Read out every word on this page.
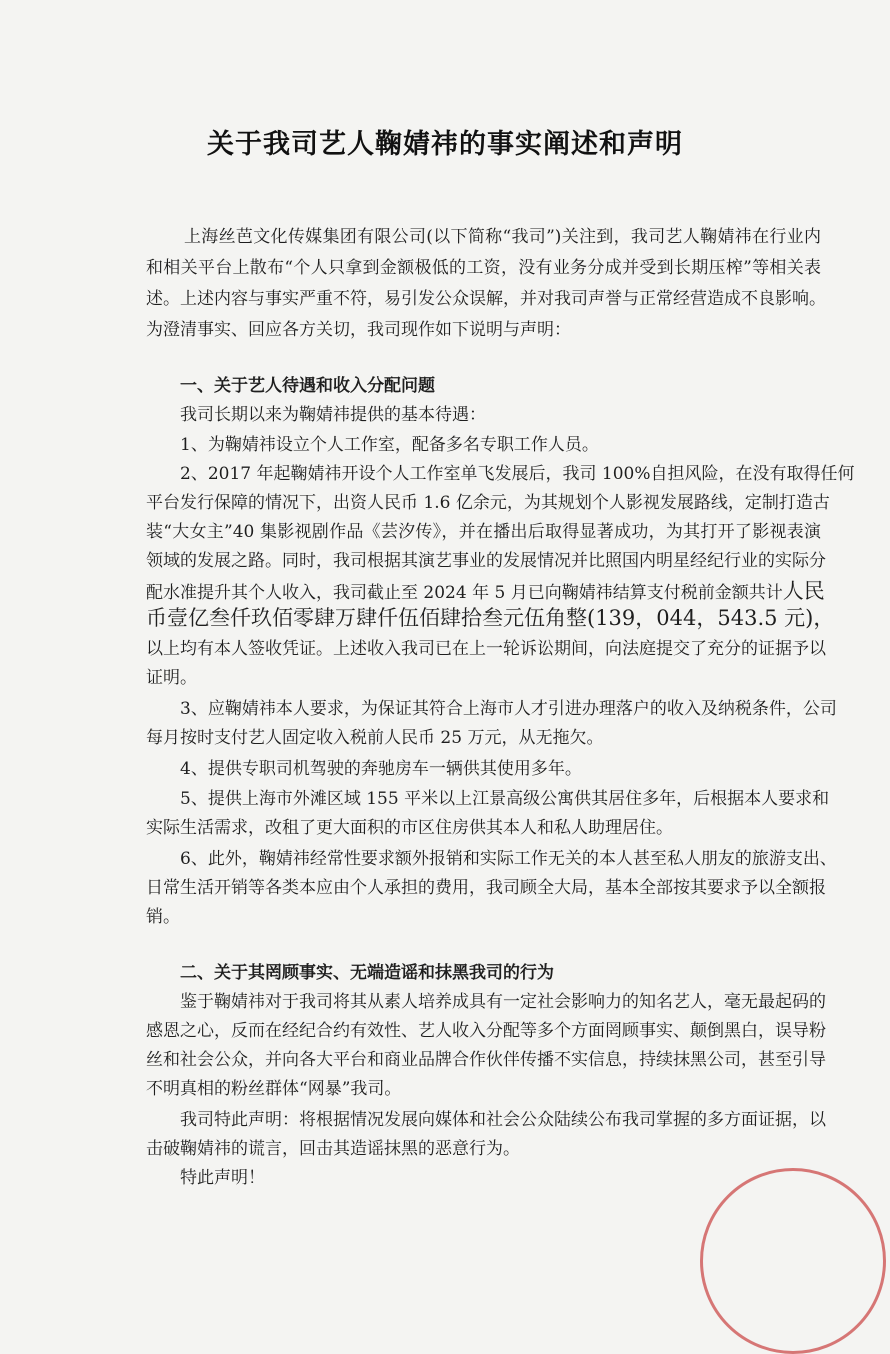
关于我司艺人鞠婧祎的事实阐述和声明
上海丝芭文化传媒集团有限公司(以下简称“我司”)关注到，我司艺人鞠婧祎在行业内
和相关平台上散布“个人只拿到金额极低的工资，没有业务分成并受到长期压榨”等相关表
述。上述内容与事实严重不符，易引发公众误解，并对我司声誉与正常经营造成不良影响。
为澄清事实、回应各方关切，我司现作如下说明与声明：
一、关于艺人待遇和收入分配问题
我司长期以来为鞠婧祎提供的基本待遇：
1、为鞠婧祎设立个人工作室，配备多名专职工作人员。
2、2017 年起鞠婧祎开设个人工作室单飞发展后，我司 100%自担风险，在没有取得任何
平台发行保障的情况下，出资人民币 1.6 亿余元，为其规划个人影视发展路线，定制打造古
装“大女主”40 集影视剧作品《芸汐传》，并在播出后取得显著成功，为其打开了影视表演
领域的发展之路。同时，我司根据其演艺事业的发展情况并比照国内明星经纪行业的实际分
配水准提升其个人收入，我司截止至 2024 年 5 月已向鞠婧祎结算支付税前金额共计人民
币壹亿叁仟玖佰零肆万肆仟伍佰肆拾叁元伍角整(139，044，543.5 元)，
以上均有本人签收凭证。上述收入我司已在上一轮诉讼期间，向法庭提交了充分的证据予以
证明。
3、应鞠婧祎本人要求，为保证其符合上海市人才引进办理落户的收入及纳税条件，公司
每月按时支付艺人固定收入税前人民币 25 万元，从无拖欠。
4、提供专职司机驾驶的奔驰房车一辆供其使用多年。
5、提供上海市外滩区域 155 平米以上江景高级公寓供其居住多年，后根据本人要求和
实际生活需求，改租了更大面积的市区住房供其本人和私人助理居住。
6、此外，鞠婧祎经常性要求额外报销和实际工作无关的本人甚至私人朋友的旅游支出、
日常生活开销等各类本应由个人承担的费用，我司顾全大局，基本全部按其要求予以全额报
销。
二、关于其罔顾事实、无端造谣和抹黑我司的行为
鉴于鞠婧祎对于我司将其从素人培养成具有一定社会影响力的知名艺人，毫无最起码的
感恩之心，反而在经纪合约有效性、艺人收入分配等多个方面罔顾事实、颠倒黑白，误导粉
丝和社会公众，并向各大平台和商业品牌合作伙伴传播不实信息，持续抹黑公司，甚至引导
不明真相的粉丝群体“网暴”我司。
我司特此声明：将根据情况发展向媒体和社会公众陆续公布我司掌握的多方面证据，以
击破鞠婧祎的谎言，回击其造谣抹黑的恶意行为。
特此声明！
